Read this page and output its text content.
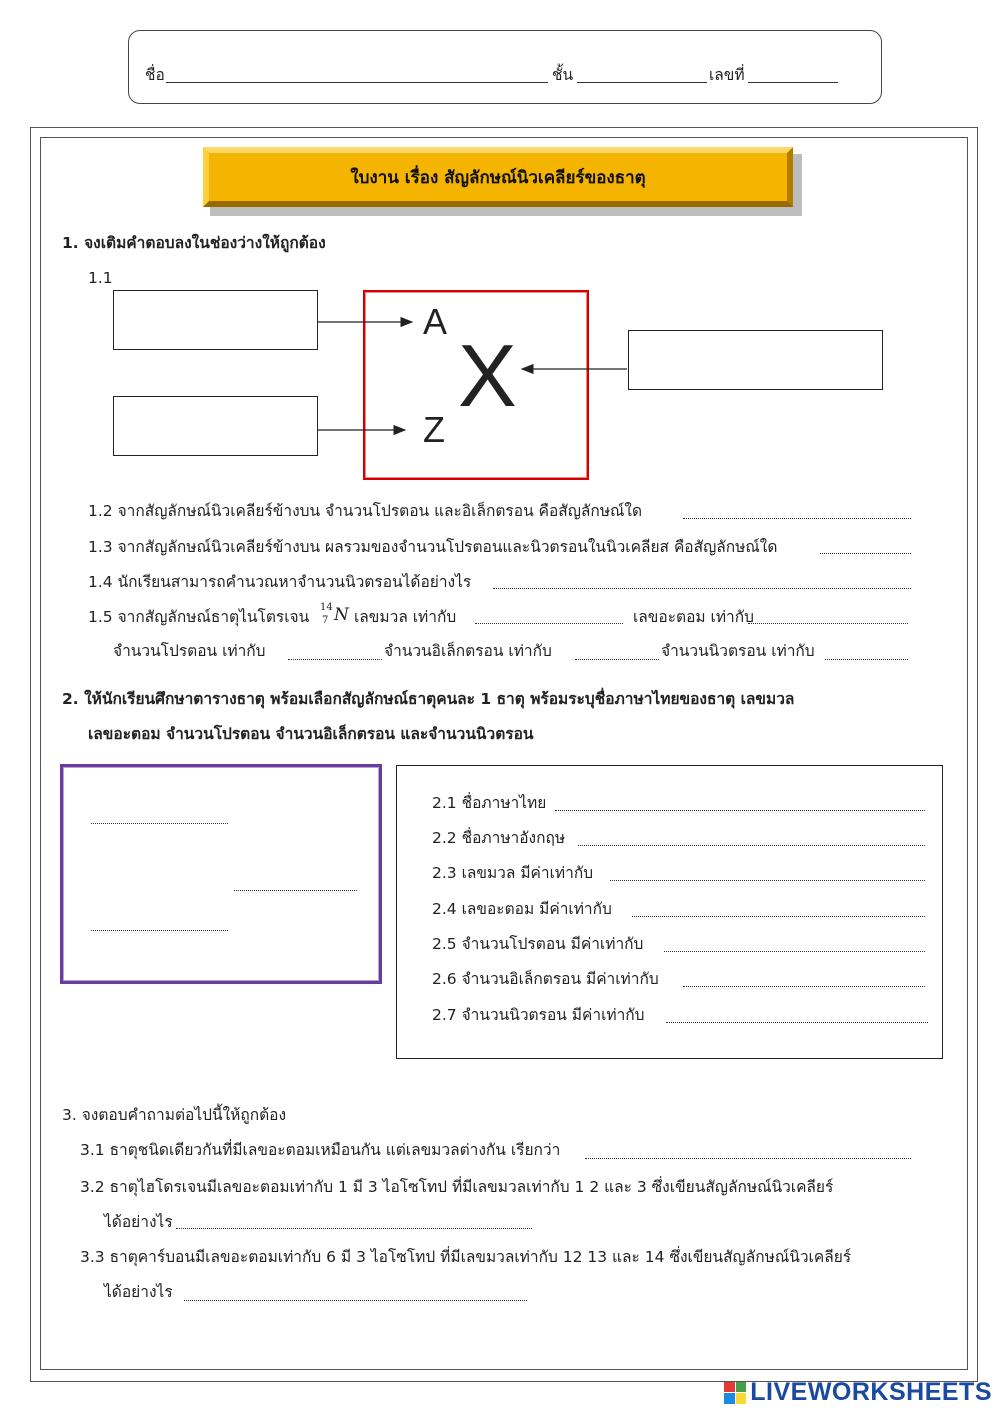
ชื่อ	ชั้น	เลขที่
ใบงาน เรื่อง สัญลักษณ์นิวเคลียร์ของธาตุ
1. จงเติมคำตอบลงในช่องว่างให้ถูกต้อง
1.1
A
X
Z
1.2 จากสัญลักษณ์นิวเคลียร์ข้างบน จำนวนโปรตอน และอิเล็กตรอน คือสัญลักษณ์ใด
1.3 จากสัญลักษณ์นิวเคลียร์ข้างบน ผลรวมของจำนวนโปรตอนและนิวตรอนในนิวเคลียส คือสัญลักษณ์ใด
1.4 นักเรียนสามารถคำนวณหาจำนวนนิวตรอนได้อย่างไร
1.5 จากสัญลักษณ์ธาตุไนโตรเจน
14
7 N เลขมวล เท่ากับ	เลขอะตอม เท่ากับ
จำนวนโปรตอน เท่ากับ	จำนวนอิเล็กตรอน เท่ากับ	จำนวนนิวตรอน เท่ากับ
2. ให้นักเรียนศึกษาตารางธาตุ พร้อมเลือกสัญลักษณ์ธาตุคนละ 1 ธาตุ พร้อมระบุชื่อภาษาไทยของธาตุ เลขมวล
เลขอะตอม จำนวนโปรตอน จำนวนอิเล็กตรอน และจำนวนนิวตรอน
2.1 ชื่อภาษาไทย
2.2 ชื่อภาษาอังกฤษ
2.3 เลขมวล มีค่าเท่ากับ
2.4 เลขอะตอม มีค่าเท่ากับ
2.5 จำนวนโปรตอน มีค่าเท่ากับ
2.6 จำนวนอิเล็กตรอน มีค่าเท่ากับ
2.7 จำนวนนิวตรอน มีค่าเท่ากับ
3. จงตอบคำถามต่อไปนี้ให้ถูกต้อง
3.1 ธาตุชนิดเดียวกันที่มีเลขอะตอมเหมือนกัน แต่เลขมวลต่างกัน เรียกว่า
3.2 ธาตุไฮโดรเจนมีเลขอะตอมเท่ากับ 1 มี 3 ไอโซโทป ที่มีเลขมวลเท่ากับ 1 2 และ 3 ซึ่งเขียนสัญลักษณ์นิวเคลียร์
ได้อย่างไร
3.3 ธาตุคาร์บอนมีเลขอะตอมเท่ากับ 6 มี 3 ไอโซโทป ที่มีเลขมวลเท่ากับ 12 13 และ 14 ซึ่งเขียนสัญลักษณ์นิวเคลียร์
ได้อย่างไร
LIVEWORKSHEETS
